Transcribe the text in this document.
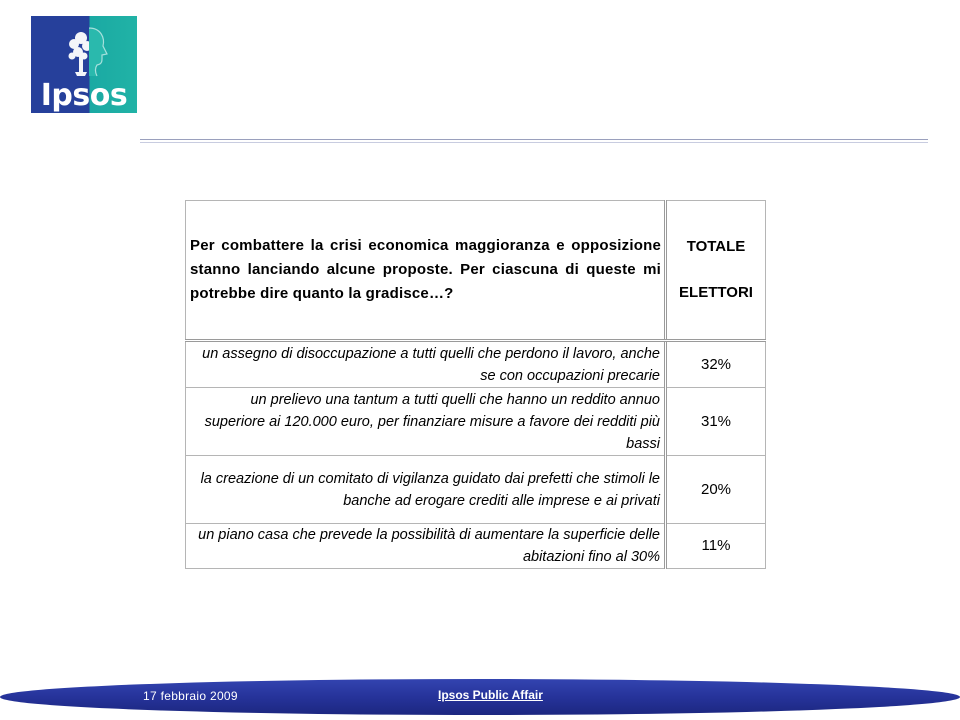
Ipsos
Per combattere la crisi economica maggioranza e opposizione stanno lanciando alcune proposte. Per ciascuna di queste mi potrebbe dire quanto la gradisce…?	TOTALE
ELETTORI

un assegno di disoccupazione a tutti quelli che perdono il lavoro, anche se con occupazioni precarie	32%
un prelievo una tantum a tutti quelli che hanno un reddito annuo superiore ai 120.000 euro, per finanziare misure a favore dei redditi più bassi	31%
la creazione di un comitato di vigilanza guidato dai prefetti che stimoli le banche ad erogare crediti alle imprese e ai privati	20%
un piano casa che prevede la possibilità di aumentare la superficie delle abitazioni fino al 30%	11%
17 febbraio 2009	Ipsos Public Affair
